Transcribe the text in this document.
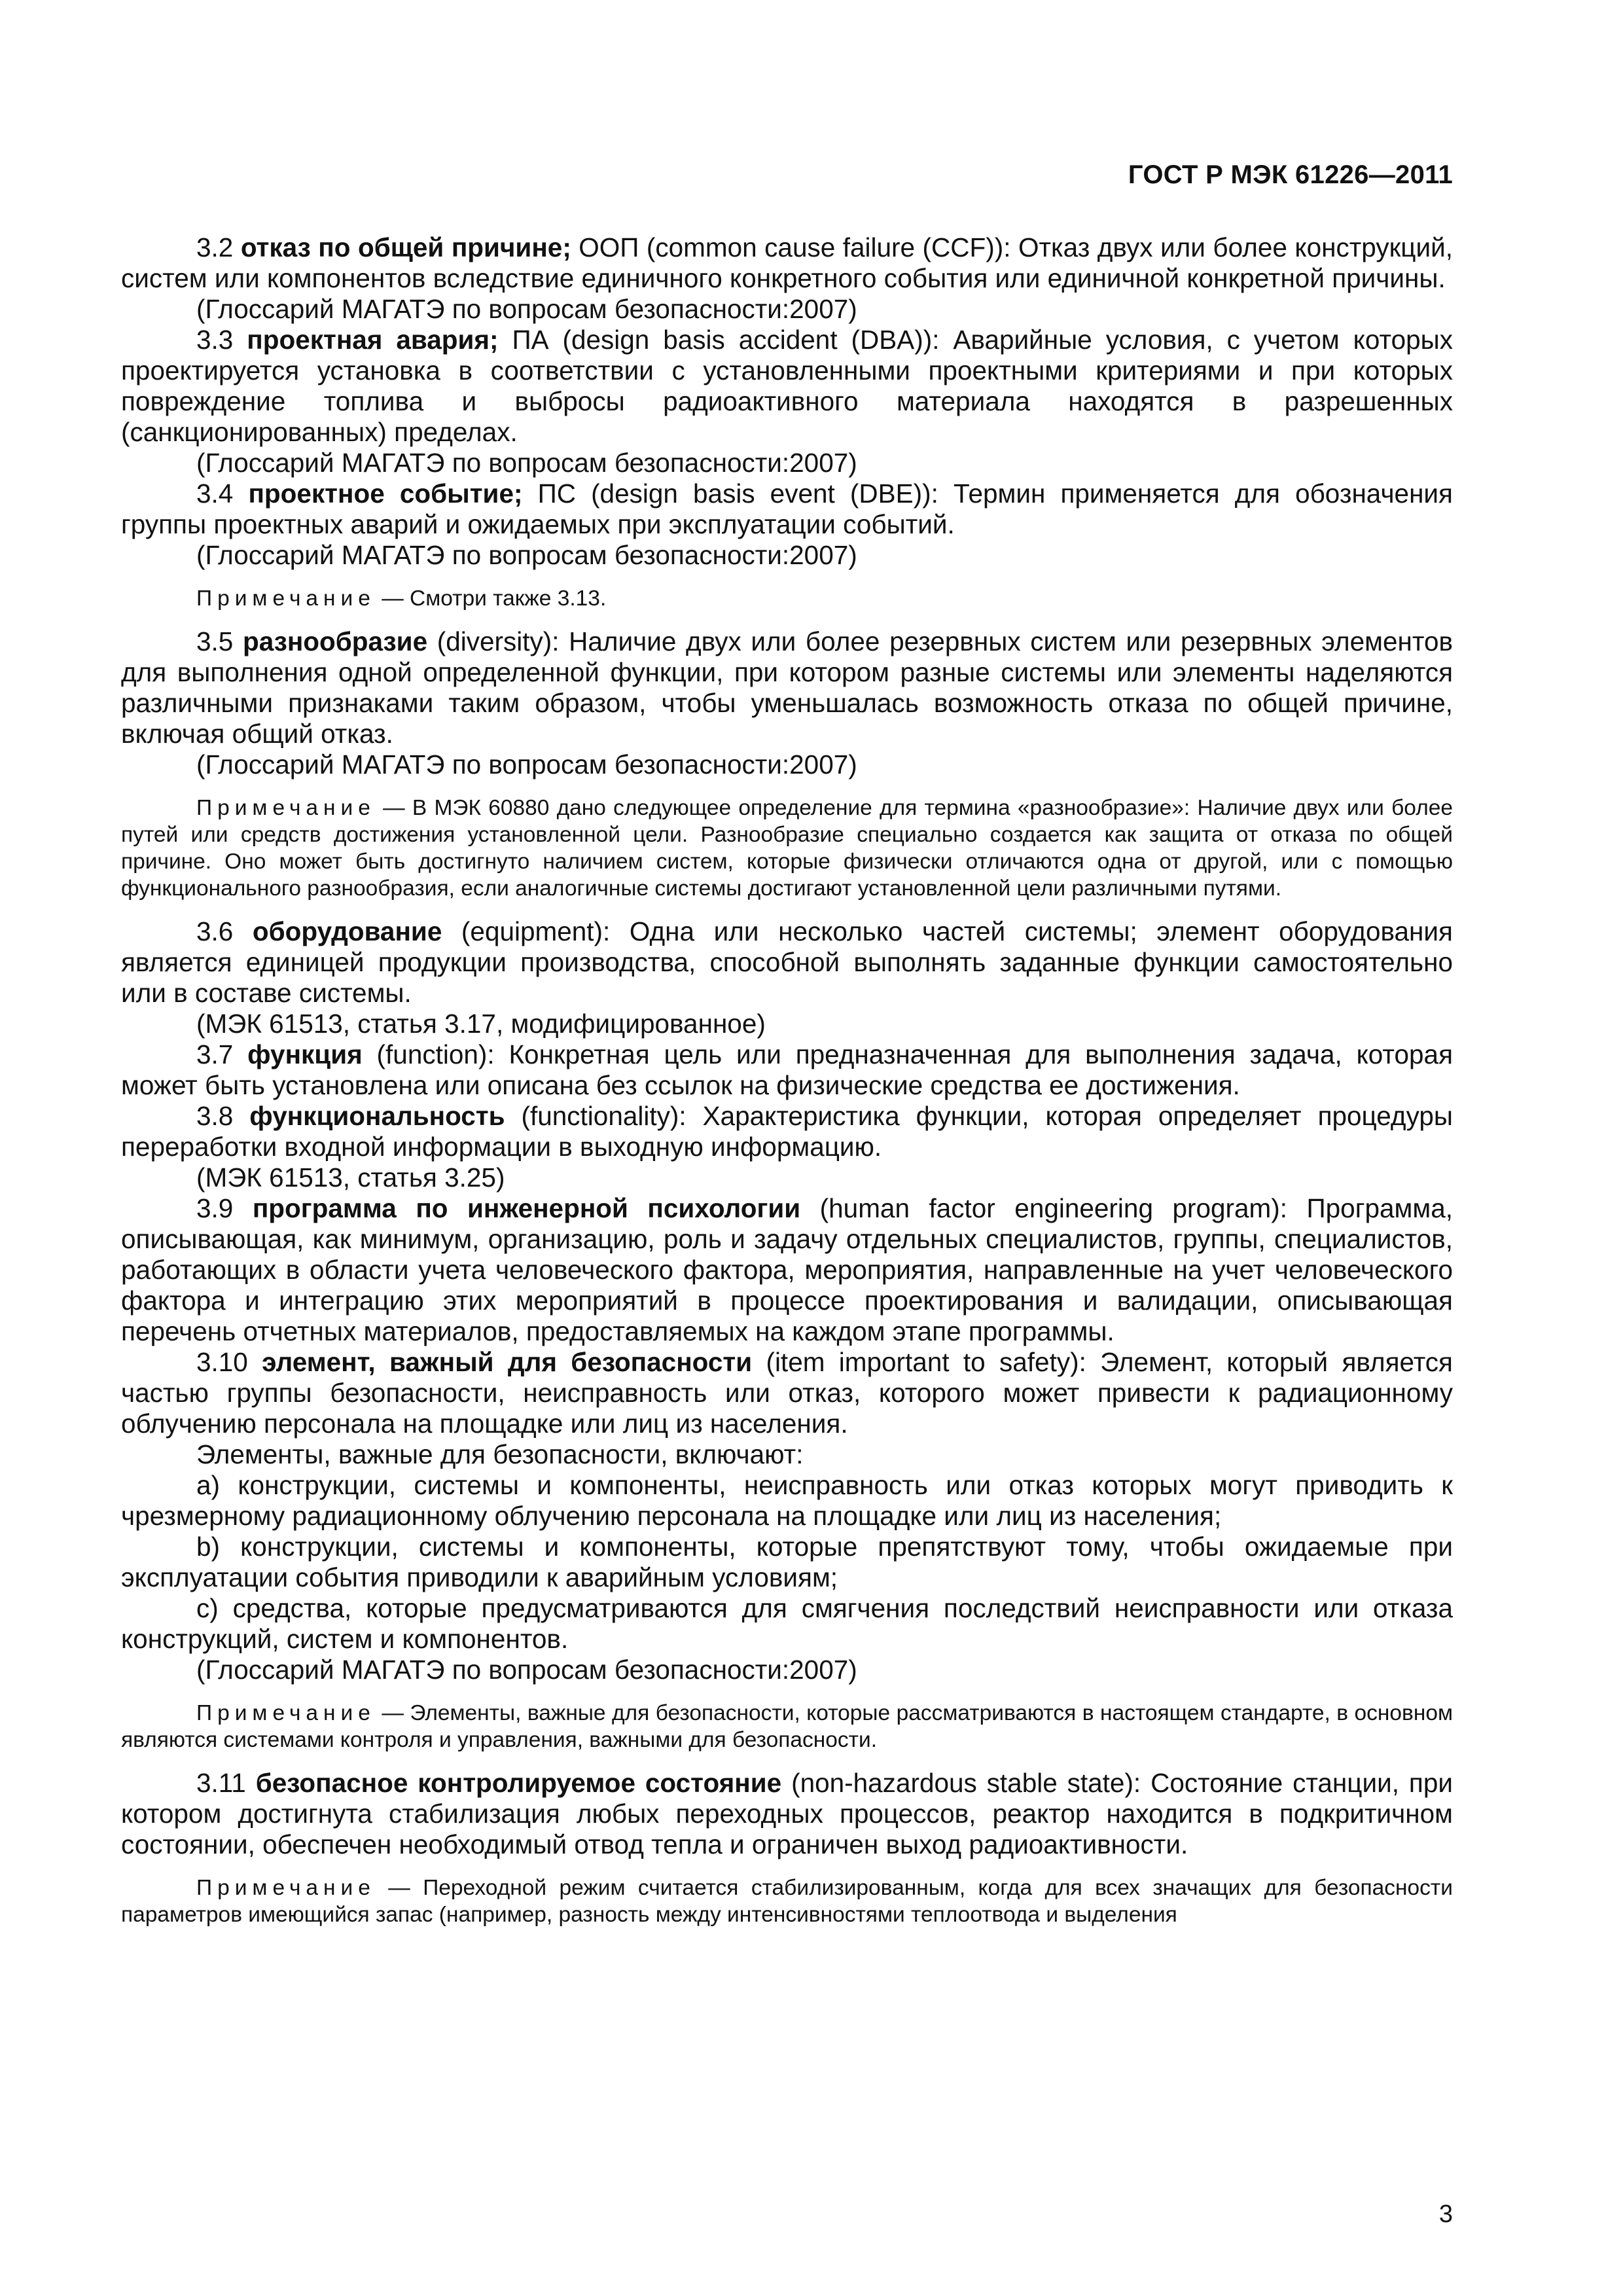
ГОСТ Р МЭК 61226—2011

3.2 отказ по общей причине; ООП (common cause failure (CCF)): Отказ двух или более конструкций, систем или компонентов вследствие единичного конкретного события или единичной конкретной причины.

(Глоссарий МАГАТЭ по вопросам безопасности:2007)

3.3 проектная авария; ПА (design basis accident (DBA)): Аварийные условия, с учетом которых проектируется установка в соответствии с установленными проектными критериями и при которых повреждение топлива и выбросы радиоактивного материала находятся в разрешенных (санкционированных) пределах.

(Глоссарий МАГАТЭ по вопросам безопасности:2007)

3.4 проектное событие; ПС (design basis event (DBE)): Термин применяется для обозначения группы проектных аварий и ожидаемых при эксплуатации событий.

(Глоссарий МАГАТЭ по вопросам безопасности:2007)

Примечание — Смотри также 3.13.

3.5 разнообразие (diversity): Наличие двух или более резервных систем или резервных элементов для выполнения одной определенной функции, при котором разные системы или элементы наделяются различными признаками таким образом, чтобы уменьшалась возможность отказа по общей причине, включая общий отказ.

(Глоссарий МАГАТЭ по вопросам безопасности:2007)

Примечание — В МЭК 60880 дано следующее определение для термина «разнообразие»: Наличие двух или более путей или средств достижения установленной цели. Разнообразие специально создается как защита от отказа по общей причине. Оно может быть достигнуто наличием систем, которые физически отличаются одна от другой, или с помощью функционального разнообразия, если аналогичные системы достигают установленной цели различными путями.

3.6 оборудование (equipment): Одна или несколько частей системы; элемент оборудования является единицей продукции производства, способной выполнять заданные функции самостоятельно или в составе системы.

(МЭК 61513, статья 3.17, модифицированное)

3.7 функция (function): Конкретная цель или предназначенная для выполнения задача, которая может быть установлена или описана без ссылок на физические средства ее достижения.

3.8 функциональность (functionality): Характеристика функции, которая определяет процедуры переработки входной информации в выходную информацию.

(МЭК 61513, статья 3.25)

3.9 программа по инженерной психологии (human factor engineering program): Программа, описывающая, как минимум, организацию, роль и задачу отдельных специалистов, группы, специалистов, работающих в области учета человеческого фактора, мероприятия, направленные на учет человеческого фактора и интеграцию этих мероприятий в процессе проектирования и валидации, описывающая перечень отчетных материалов, предоставляемых на каждом этапе программы.

3.10 элемент, важный для безопасности (item important to safety): Элемент, который является частью группы безопасности, неисправность или отказ, которого может привести к радиационному облучению персонала на площадке или лиц из населения.

Элементы, важные для безопасности, включают:

a) конструкции, системы и компоненты, неисправность или отказ которых могут приводить к чрезмерному радиационному облучению персонала на площадке или лиц из населения;

b) конструкции, системы и компоненты, которые препятствуют тому, чтобы ожидаемые при эксплуатации события приводили к аварийным условиям;

c) средства, которые предусматриваются для смягчения последствий неисправности или отказа конструкций, систем и компонентов.

(Глоссарий МАГАТЭ по вопросам безопасности:2007)

Примечание — Элементы, важные для безопасности, которые рассматриваются в настоящем стандарте, в основном являются системами контроля и управления, важными для безопасности.

3.11 безопасное контролируемое состояние (non-hazardous stable state): Состояние станции, при котором достигнута стабилизация любых переходных процессов, реактор находится в подкритичном состоянии, обеспечен необходимый отвод тепла и ограничен выход радиоактивности.

Примечание — Переходной режим считается стабилизированным, когда для всех значащих для безопасности параметров имеющийся запас (например, разность между интенсивностями теплоотвода и выделения

3
